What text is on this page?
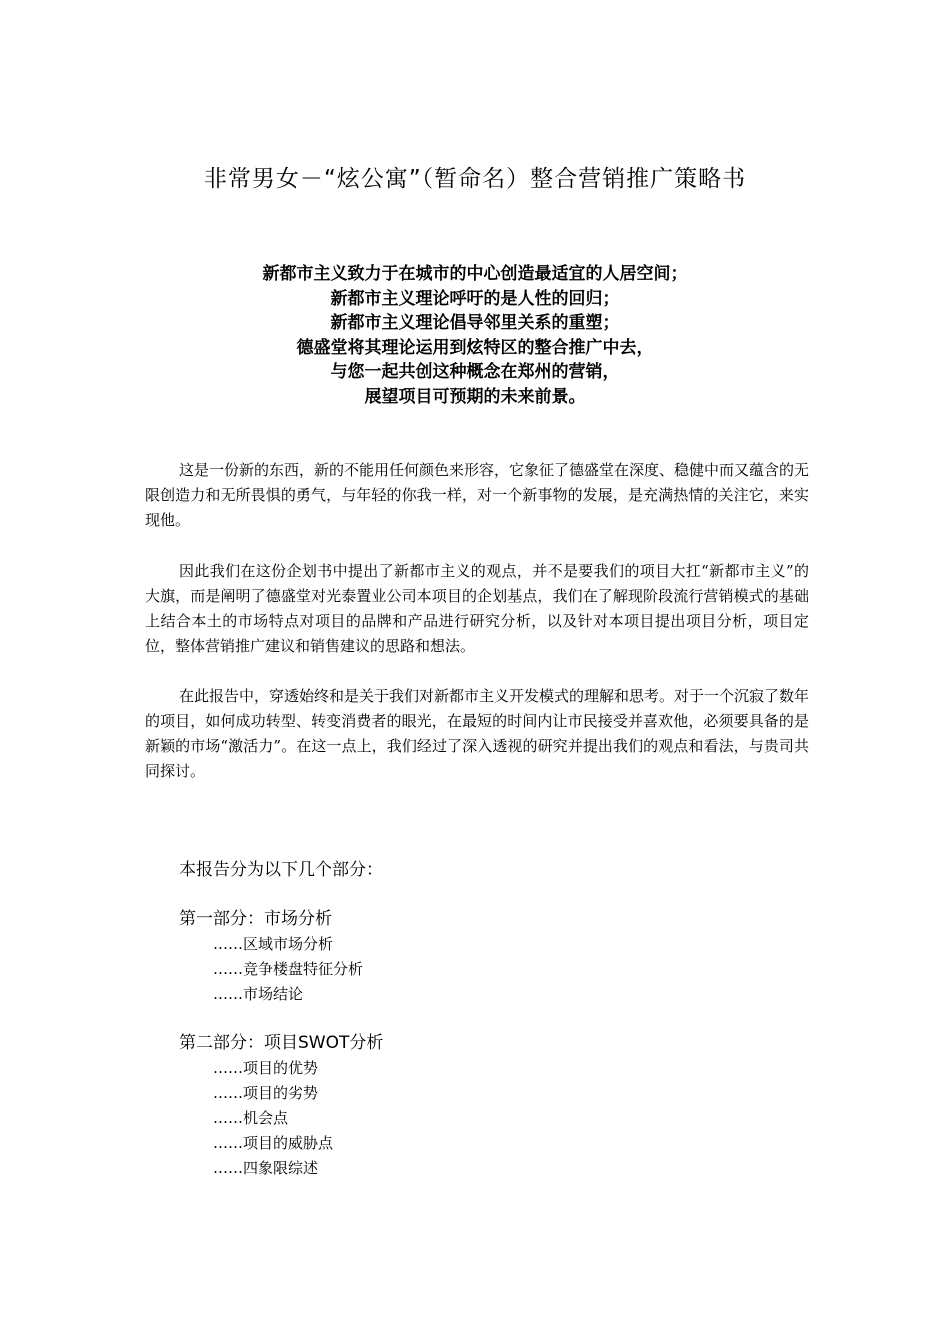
非常男女－“炫公寓”（暂命名）整合营销推广策略书
新都市主义致力于在城市的中心创造最适宜的人居空间；
新都市主义理论呼吁的是人性的回归；
新都市主义理论倡导邻里关系的重塑；
德盛堂将其理论运用到炫特区的整合推广中去，
与您一起共创这种概念在郑州的营销，
展望项目可预期的未来前景。

这是一份新的东西，新的不能用任何颜色来形容，它象征了德盛堂在深度、稳健中而又蕴含的无限创造力和无所畏惧的勇气，与年轻的你我一样，对一个新事物的发展，是充满热情的关注它，来实现他。

因此我们在这份企划书中提出了新都市主义的观点，并不是要我们的项目大扛“新都市主义”的大旗，而是阐明了德盛堂对光泰置业公司本项目的企划基点，我们在了解现阶段流行营销模式的基础上结合本土的市场特点对项目的品牌和产品进行研究分析，以及针对本项目提出项目分析，项目定位，整体营销推广建议和销售建议的思路和想法。

在此报告中，穿透始终和是关于我们对新都市主义开发模式的理解和思考。对于一个沉寂了数年的项目，如何成功转型、转变消费者的眼光，在最短的时间内让市民接受并喜欢他，必须要具备的是新颖的市场“激活力”。在这一点上，我们经过了深入透视的研究并提出我们的观点和看法，与贵司共同探讨。

本报告分为以下几个部分：
第一部分：市场分析
……区域市场分析
……竞争楼盘特征分析
……市场结论
第二部分：项目SWOT分析
……项目的优势
……项目的劣势
……机会点
……项目的威胁点
……四象限综述
